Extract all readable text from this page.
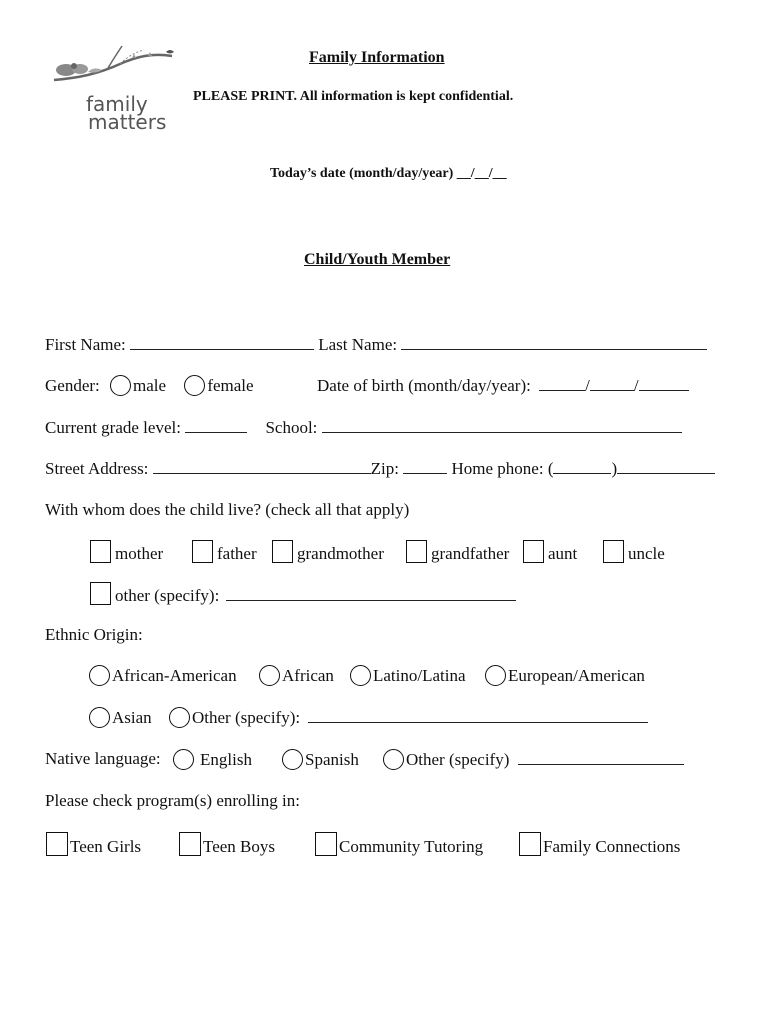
family
matters
Family Information
PLEASE PRINT. All information is kept confidential.
Today’s date (month/day/year) __/__/__
Child/Youth Member
First Name:	Last Name:
Gender: male female	Date of birth (month/day/year):	/	/
Current grade level:	School:
Street Address:	Zip:	Home phone: (	)
With whom does the child live? (check all that apply)
mother	father	grandmother	grandfather	aunt	uncle
other (specify):
Ethnic Origin:
African-American	African	Latino/Latina	European/American
Asian	Other (specify):
Native language:	English	Spanish	Other (specify)
Please check program(s) enrolling in:
Teen Girls	Teen Boys	Community Tutoring	Family Connections
